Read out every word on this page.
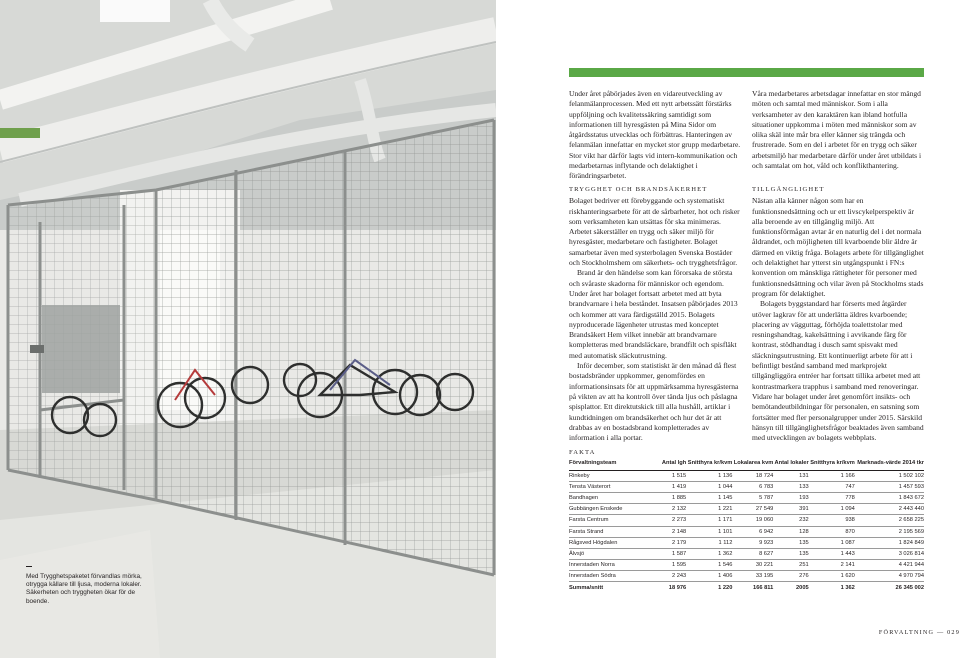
Med Trygghetspaketet förvandlas mörka, otrygga källare till ljusa, moderna lokaler. Säkerheten och tryggheten ökar för de boende.

Under året påbörjades även en vidareutveckling av felanmälanprocessen. Med ett nytt arbetssätt förstärks uppföljning och kvalitetssäkring samtidigt som informationen till hyresgästen på Mina Sidor om åtgärdsstatus utvecklas och förbättras. Hanteringen av felanmälan innefattar en mycket stor grupp medarbetare. Stor vikt har därför lagts vid intern-kommunikation och medarbetarnas inflytande och delaktighet i förändringsarbetet.

TRYGGHET OCH BRANDSÄKERHET

Bolaget bedriver ett förebyggande och systematiskt riskhanteringsarbete för att de sårbarheter, hot och risker som verksamheten kan utsättas för ska minimeras. Arbetet säkerställer en trygg och säker miljö för hyresgäster, medarbetare och fastigheter. Bolaget samarbetar även med systerbolagen Svenska Bostäder och Stockholmshem om säkerhets- och trygghetsfrågor.

Brand är den händelse som kan förorsaka de största och svåraste skadorna för människor och egendom. Under året har bolaget fortsatt arbetet med att byta brandvarnare i hela beståndet. Insatsen påbörjades 2013 och kommer att vara färdigställd 2015. Bolagets nyproducerade lägenheter utrustas med konceptet Brandsäkert Hem vilket innebär att brandvarnare kompletteras med brandsläckare, brandfilt och spisfläkt med automatisk släckutrustning.

Inför december, som statistiskt är den månad då flest bostadsbränder uppkommer, genomfördes en informationsinsats för att uppmärksamma hyresgästerna på vikten av att ha kontroll över tända ljus och påslagna spisplattor. Ett direktutskick till alla hushåll, artiklar i kundtidningen om brandsäkerhet och hur det är att drabbas av en bostadsbrand kompletterades av information i alla portar.

Våra medarbetares arbetsdagar innefattar en stor mängd möten och samtal med människor. Som i alla verksamheter av den karaktären kan ibland hotfulla situationer uppkomma i möten med människor som av olika skäl inte mår bra eller känner sig trängda och frustrerade. Som en del i arbetet för en trygg och säker arbetsmiljö har medarbetare därför under året utbildats i och samtalat om hot, våld och konflikthantering.

TILLGÄNGLIGHET

Nästan alla känner någon som har en funktionsnedsättning och ur ett livscykelperspektiv är alla beroende av en tillgänglig miljö. Att funktionsförmågan avtar är en naturlig del i det normala åldrandet, och möjligheten till kvarboende blir äldre är därmed en viktig fråga. Bolagets arbete för tillgänglighet och delaktighet har ytterst sin utgångspunkt i FN:s konvention om mänskliga rättigheter för personer med funktionsnedsättning och vilar även på Stockholms stads program för delaktighet.

Bolagets byggstandard har förserts med åtgärder utöver lagkrav för att underlätta äldres kvarboende; placering av vägguttag, förhöjda toalettstolar med resningshandtag, kakelsättning i avvikande färg för kontrast, stödhandtag i dusch samt spisvakt med släckningsutrustning. Ett kontinuerligt arbete för att i befintligt bestånd samband med markprojekt tillgängliggöra entréer har fortsatt tillika arbetet med att kontrastmarkera trapphus i samband med renoveringar. Vidare har bolaget under året genomfört insikts- och bemötandeutbildningar för personalen, en satsning som fortsätter med fler personalgrupper under 2015. Särskild hänsyn till tillgänglighetsfrågor beaktades även samband med utvecklingen av bolagets webbplats.

FAKTA
Förvaltningsteam	Antal lgh	Snitthyra kr/kvm	Lokalarea kvm	Antal lokaler	Snitthyra kr/kvm	Marknads-värde 2014 tkr
Rinkeby	1 515	1 136	18 724	131	1 166	1 502 102
Tensta Västerort	1 419	1 044	6 783	133	747	1 457 593
Bandhagen	1 885	1 145	5 787	193	778	1 843 672
Gubbängen Enskede	2 132	1 221	27 549	391	1 094	2 443 440
Farsta Centrum	2 273	1 171	19 060	232	938	2 658 225
Farsta Strand	2 148	1 101	6 942	128	870	2 195 569
Rågsved Högdalen	2 179	1 112	9 923	135	1 087	1 824 849
Älvsjö	1 587	1 362	8 627	135	1 443	3 026 814
Innerstaden Norra	1 595	1 546	30 221	251	2 141	4 421 944
Innerstaden Södra	2 243	1 406	33 195	276	1 620	4 970 794
Summa/snitt	18 976	1 220	166 811	2005	1 362	26 345 002
FÖRVALTNING — 029
